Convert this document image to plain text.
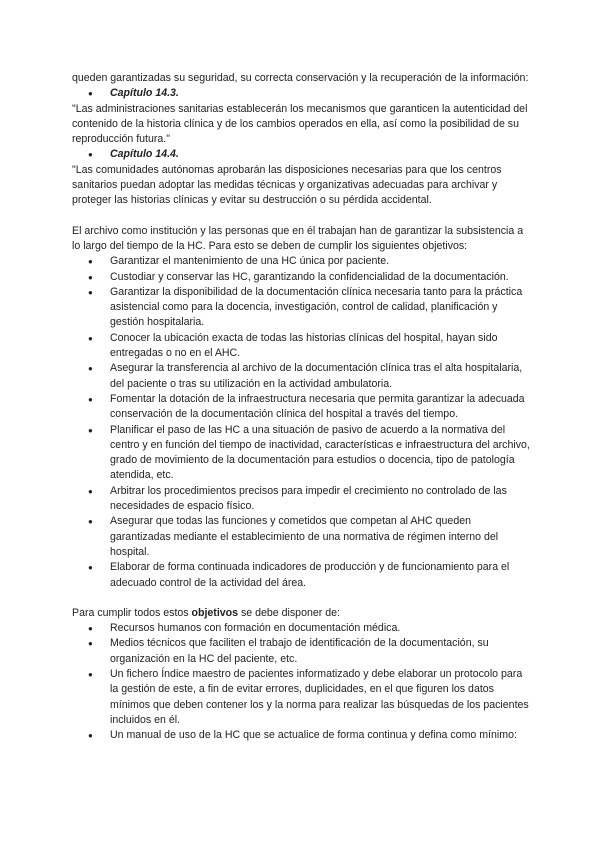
queden garantizadas su seguridad, su correcta conservación y la recuperación de la información:

● Capítulo 14.3.

"Las administraciones sanitarias establecerán los mecanismos que garanticen la autenticidad del contenido de la historia clínica y de los cambios operados en ella, así como la posibilidad de su reproducción futura."

● Capítulo 14.4.

"Las comunidades autónomas aprobarán las disposiciones necesarias para que los centros sanitarios puedan adoptar las medidas técnicas y organizativas adecuadas para archivar y proteger las historias clínicas y evitar su destrucción o su pérdida accidental.

El archivo como institución y las personas que en él trabajan han de garantizar la subsistencia a lo largo del tiempo de la HC. Para esto se deben de cumplir los siguientes objetivos:

● Garantizar el mantenimiento de una HC única por paciente.
● Custodiar y conservar las HC, garantizando la confidencialidad de la documentación.
● Garantizar la disponibilidad de la documentación clínica necesaria tanto para la práctica asistencial como para la docencia, investigación, control de calidad, planificación y gestión hospitalaria.
● Conocer la ubicación exacta de todas las historias clínicas del hospital, hayan sido entregadas o no en el AHC.
● Asegurar la transferencia al archivo de la documentación clínica tras el alta hospitalaria, del paciente o tras su utilización en la actividad ambulatoria.
● Fomentar la dotación de la infraestructura necesaria que permita garantizar la adecuada conservación de la documentación clínica del hospital a través del tiempo.
● Planificar el paso de las HC a una situación de pasivo de acuerdo a la normativa del centro y en función del tiempo de inactividad, características e infraestructura del archivo, grado de movimiento de la documentación para estudios o docencia, tipo de patología atendida, etc.
● Arbitrar los procedimientos precisos para impedir el crecimiento no controlado de las necesidades de espacio físico.
● Asegurar que todas las funciones y cometidos que competan al AHC queden garantizadas mediante el establecimiento de una normativa de régimen interno del hospital.
● Elaborar de forma continuada indicadores de producción y de funcionamiento para el adecuado control de la actividad del área.

Para cumplir todos estos objetivos se debe disponer de:

● Recursos humanos con formación en documentación médica.
● Medios técnicos que faciliten el trabajo de identificación de la documentación, su organización en la HC del paciente, etc.
● Un fichero Índice maestro de pacientes informatizado y debe elaborar un protocolo para la gestión de este, a fin de evitar errores, duplicidades, en el que figuren los datos mínimos que deben contener los y la norma para realizar las búsquedas de los pacientes incluidos en él.
● Un manual de uso de la HC que se actualice de forma continua y defina como mínimo:
